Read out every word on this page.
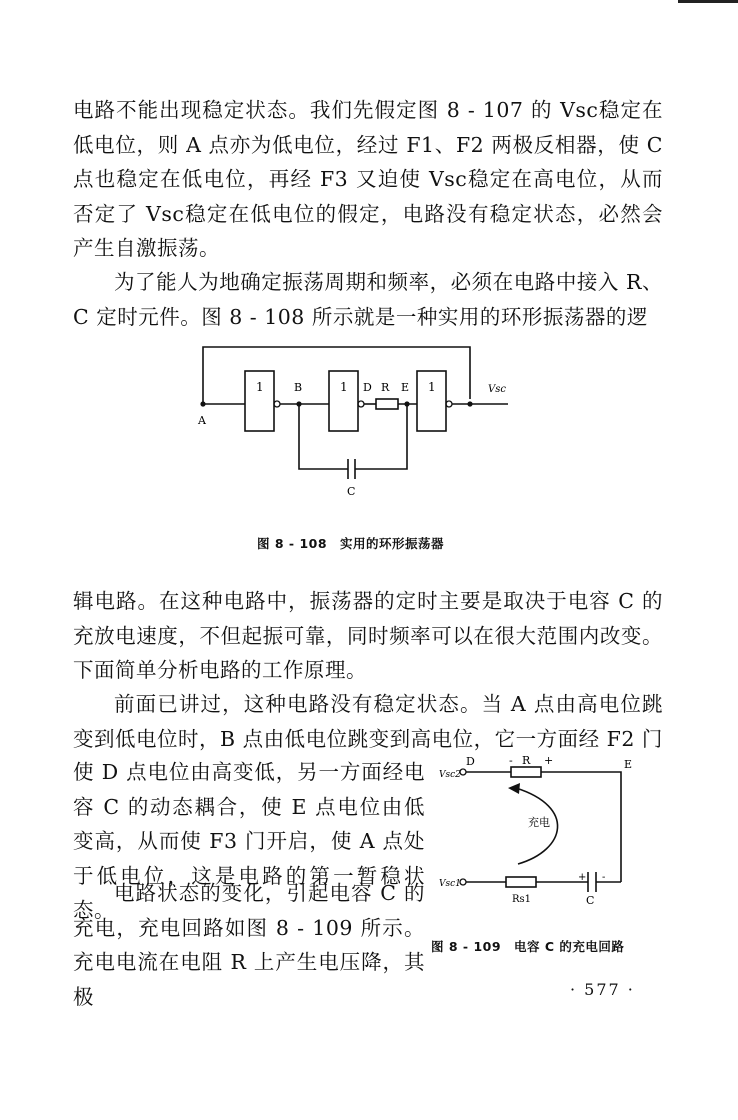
电路不能出现稳定状态。我们先假定图 8 - 107 的 Vsc稳定在低电位，则 A 点亦为低电位，经过 F1、F2 两极反相器，使 C 点也稳定在低电位，再经 F3 又迫使 Vsc稳定在高电位，从而否定了 Vsc稳定在低电位的假定，电路没有稳定状态，必然会产生自激振荡。

为了能人为地确定振荡周期和频率，必须在电路中接入 R、C 定时元件。图 8 - 108 所示就是一种实用的环形振荡器的逻

1	1	1
A
B	D R E	Vsc
C
图 8 - 108　实用的环形振荡器

辑电路。在这种电路中，振荡器的定时主要是取决于电容 C 的充放电速度，不但起振可靠，同时频率可以在很大范围内改变。下面简单分析电路的工作原理。

前面已讲过，这种电路没有稳定状态。当 A 点由高电位跳变到低电位时，B 点由低电位跳变到高电位，它一方面经 F2 门

使 D 点电位由高变低，另一方面经电容 C 的动态耦合，使 E 点电位由低变高，从而使 F3 门开启，使 A 点处于低电位，这是电路的第一暂稳状态。

电路状态的变化，引起电容 C 的充电，充电回路如图 8 - 109 所示。充电电流在电阻 R 上产生电压降，其极

D	E
Vsc2
Vsc1
- R +
Rs1
+ -
C
充电
图 8 - 109　电容 C 的充电回路
· 577 ·
